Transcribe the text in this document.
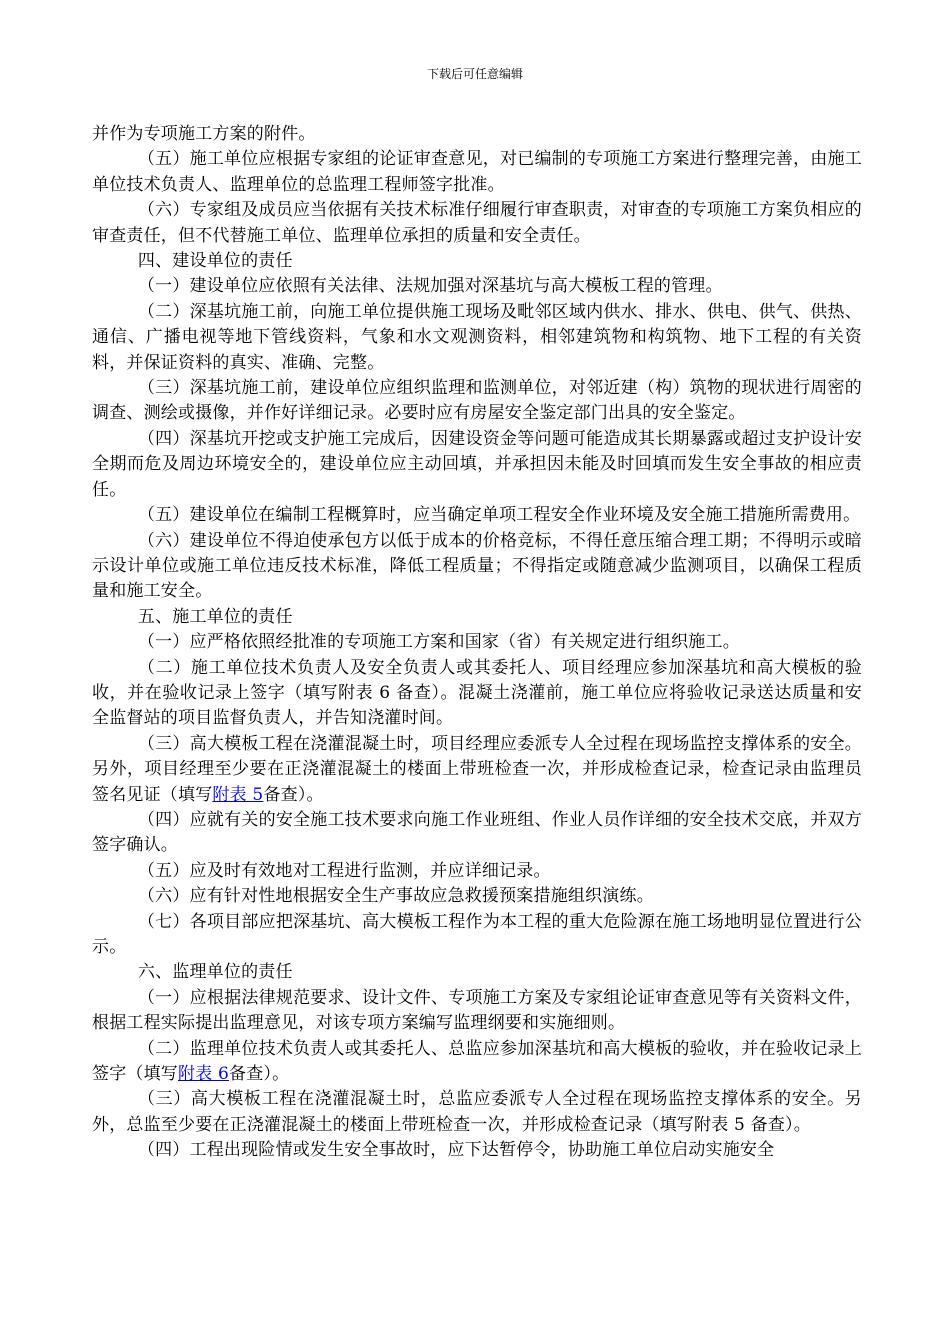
下载后可任意编辑

并作为专项施工方案的附件。

（五）施工单位应根据专家组的论证审查意见，对已编制的专项施工方案进行整理完善，由施工单位技术负责人、监理单位的总监理工程师签字批准。

（六）专家组及成员应当依据有关技术标准仔细履行审查职责，对审查的专项施工方案负相应的审查责任，但不代替施工单位、监理单位承担的质量和安全责任。

四、建设单位的责任

（一）建设单位应依照有关法律、法规加强对深基坑与高大模板工程的管理。

（二）深基坑施工前，向施工单位提供施工现场及毗邻区域内供水、排水、供电、供气、供热、通信、广播电视等地下管线资料，气象和水文观测资料，相邻建筑物和构筑物、地下工程的有关资料，并保证资料的真实、准确、完整。

（三）深基坑施工前，建设单位应组织监理和监测单位，对邻近建（构）筑物的现状进行周密的调查、测绘或摄像，并作好详细记录。必要时应有房屋安全鉴定部门出具的安全鉴定。

（四）深基坑开挖或支护施工完成后，因建设资金等问题可能造成其长期暴露或超过支护设计安全期而危及周边环境安全的，建设单位应主动回填，并承担因未能及时回填而发生安全事故的相应责任。

（五）建设单位在编制工程概算时，应当确定单项工程安全作业环境及安全施工措施所需费用。

（六）建设单位不得迫使承包方以低于成本的价格竞标，不得任意压缩合理工期；不得明示或暗示设计单位或施工单位违反技术标准，降低工程质量；不得指定或随意减少监测项目，以确保工程质量和施工安全。

五、施工单位的责任

（一）应严格依照经批准的专项施工方案和国家（省）有关规定进行组织施工。

（二）施工单位技术负责人及安全负责人或其委托人、项目经理应参加深基坑和高大模板的验收，并在验收记录上签字（填写附表 6 备查）。混凝土浇灌前，施工单位应将验收记录送达质量和安全监督站的项目监督负责人，并告知浇灌时间。

（三）高大模板工程在浇灌混凝土时，项目经理应委派专人全过程在现场监控支撑体系的安全。另外，项目经理至少要在正浇灌混凝土的楼面上带班检查一次，并形成检查记录，检查记录由监理员签名见证（填写附表 5备查）。

（四）应就有关的安全施工技术要求向施工作业班组、作业人员作详细的安全技术交底，并双方签字确认。

（五）应及时有效地对工程进行监测，并应详细记录。

（六）应有针对性地根据安全生产事故应急救援预案措施组织演练。

（七）各项目部应把深基坑、高大模板工程作为本工程的重大危险源在施工场地明显位置进行公示。

六、监理单位的责任

（一）应根据法律规范要求、设计文件、专项施工方案及专家组论证审查意见等有关资料文件，根据工程实际提出监理意见，对该专项方案编写监理纲要和实施细则。

（二）监理单位技术负责人或其委托人、总监应参加深基坑和高大模板的验收，并在验收记录上签字（填写附表 6备查）。

（三）高大模板工程在浇灌混凝土时，总监应委派专人全过程在现场监控支撑体系的安全。另外，总监至少要在正浇灌混凝土的楼面上带班检查一次，并形成检查记录（填写附表 5 备查）。

（四）工程出现险情或发生安全事故时，应下达暂停令，协助施工单位启动实施安全
